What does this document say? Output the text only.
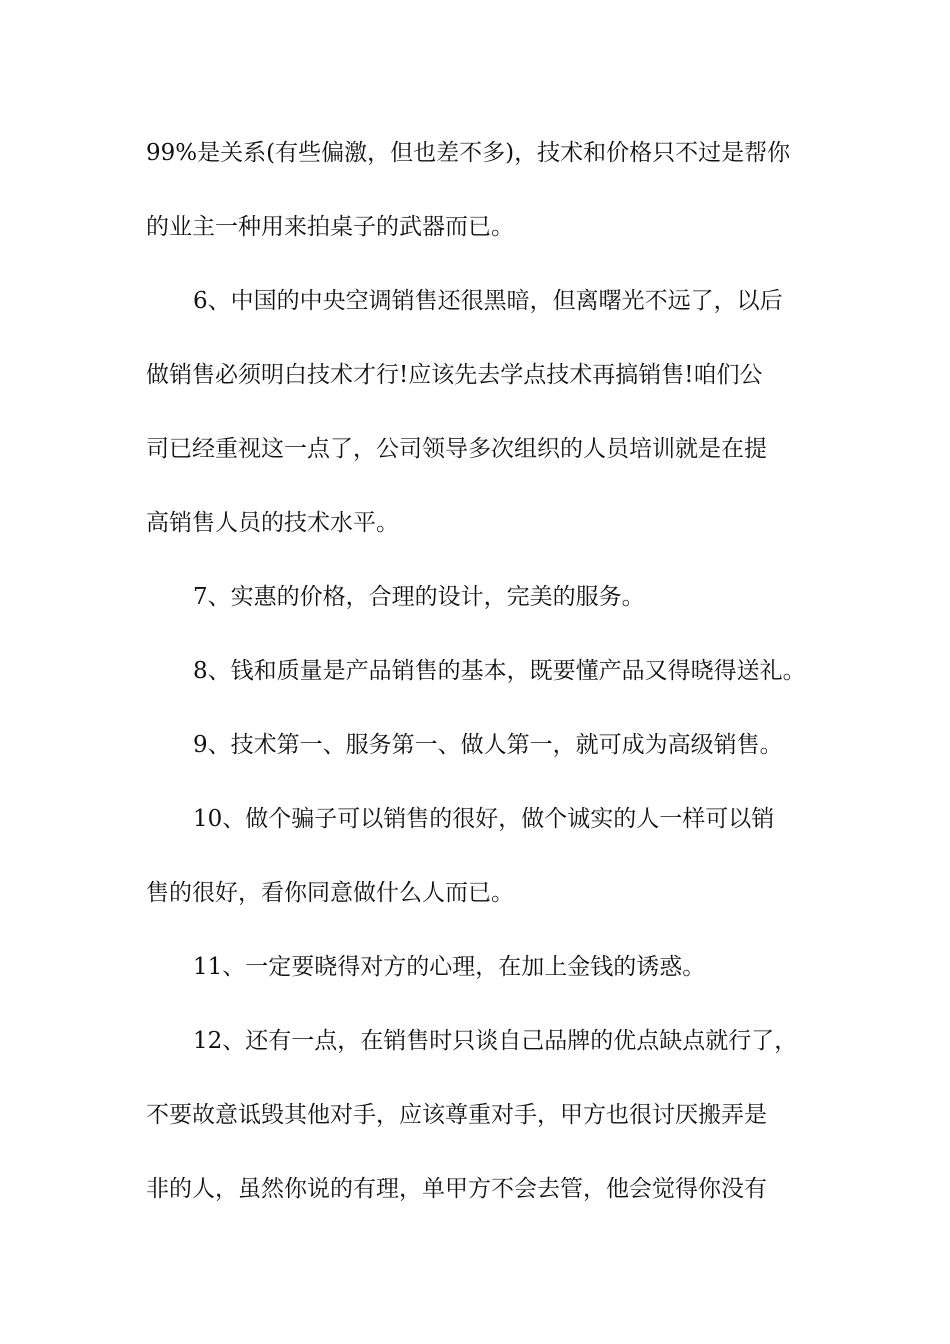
99%是关系(有些偏激，但也差不多)，技术和价格只不过是帮你
的业主一种用来拍桌子的武器而已。
6、中国的中央空调销售还很黑暗，但离曙光不远了，以后
做销售必须明白技术才行!应该先去学点技术再搞销售!咱们公
司已经重视这一点了，公司领导多次组织的人员培训就是在提
高销售人员的技术水平。
7、实惠的价格，合理的设计，完美的服务。
8、钱和质量是产品销售的基本，既要懂产品又得晓得送礼。
9、技术第一、服务第一、做人第一，就可成为高级销售。
10、做个骗子可以销售的很好，做个诚实的人一样可以销
售的很好，看你同意做什么人而已。
11、一定要晓得对方的心理，在加上金钱的诱惑。
12、还有一点，在销售时只谈自己品牌的优点缺点就行了，
不要故意诋毁其他对手，应该尊重对手，甲方也很讨厌搬弄是
非的人，虽然你说的有理，单甲方不会去管，他会觉得你没有
